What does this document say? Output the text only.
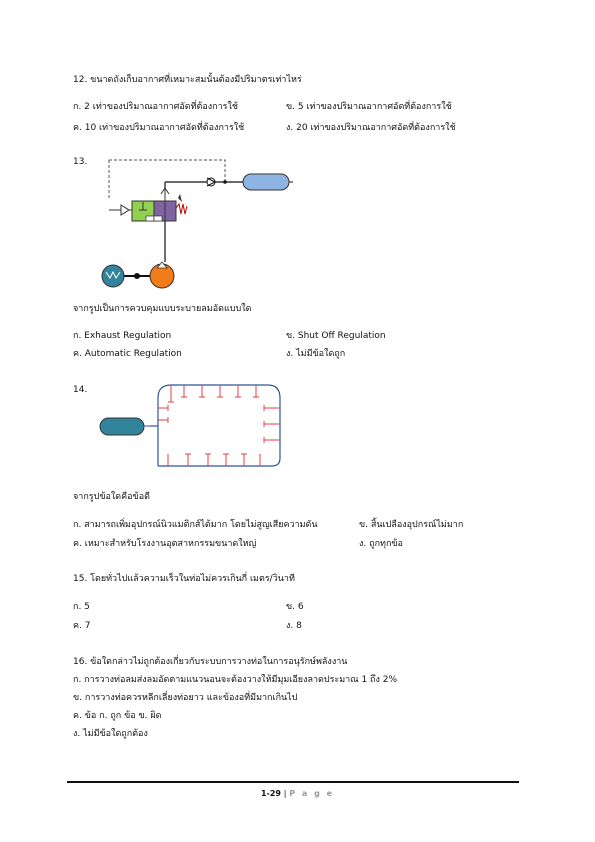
12. ขนาดถังเก็บอากาศที่เหมาะสมนั้นต้องมีปริมาตรเท่าไหร่
ก. 2 เท่าของปริมาณอากาศอัดที่ต้องการใช้	ข. 5 เท่าของปริมาณอากาศอัดที่ต้องการใช้
ค. 10 เท่าของปริมาณอากาศอัดที่ต้องการใช้	ง. 20 เท่าของปริมาณอากาศอัดที่ต้องการใช้
13.
จากรูปเป็นการควบคุมแบบระบายลมอัดแบบใด
ก. Exhaust Regulation	ข. Shut Off Regulation
ค. Automatic Regulation	ง. ไม่มีข้อใดถูก
14.
จากรูปข้อใดคือข้อดี
ก. สามารถเพิ่มอุปกรณ์นิวแมติกส์ได้มาก โดยไม่สูญเสียความดัน	ข. สิ้นเปลืองอุปกรณ์ไม่มาก
ค. เหมาะสำหรับโรงงานอุตสาหกรรมขนาดใหญ่	ง. ถูกทุกข้อ
15. โดยทั่วไปแล้วความเร็วในท่อไม่ควรเกินกี่ เมตร/วินาที
ก. 5	ข. 6
ค. 7	ง. 8
16. ข้อใดกล่าวไม่ถูกต้องเกี่ยวกับระบบการวางท่อในการอนุรักษ์พลังงาน
ก. การวางท่อลมส่งลมอัดตามแนวนอนจะต้องวางให้มีมุมเอียงลาดประมาณ 1 ถึง 2%
ข. การวางท่อควรหลีกเลี่ยงท่อยาว และข้องอที่มีมากเกินไป
ค. ข้อ ก. ถูก ข้อ ข. ผิด
ง. ไม่มีข้อใดถูกต้อง
1-29 | P a g e
